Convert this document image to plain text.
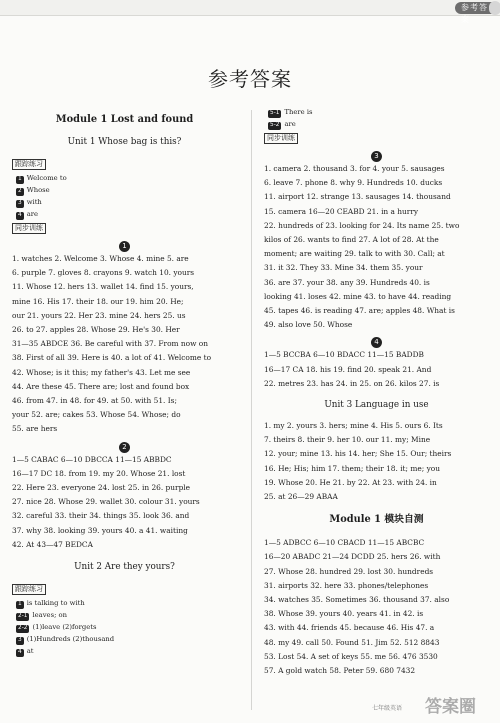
参考答案
参考答案
Module 1 Lost and found
Unit 1 Whose bag is this?
跟踪练习
1 Welcome to
2 Whose
3 with
4 are
同步训练
1
1. watches 2. Welcome 3. Whose 4. mine 5. are
6. purple 7. gloves 8. crayons 9. watch 10. yours
11. Whose 12. hers 13. wallet 14. find 15. yours,
mine 16. His 17. their 18. our 19. him 20. He;
our 21. yours 22. Her 23. mine 24. hers 25. us
26. to 27. apples 28. Whose 29. He's 30. Her
31—35 ABDCE 36. Be careful with 37. From now on
38. First of all 39. Here is 40. a lot of 41. Welcome to
42. Whose; is it this; my father's 43. Let me see
44. Are these 45. There are; lost and found box
46. from 47. in 48. for 49. at 50. with 51. Is;
your 52. are; cakes 53. Whose 54. Whose; do
55. are hers
2
1—5 CABAC 6—10 DBCCA 11—15 ABBDC
16—17 DC 18. from 19. my 20. Whose 21. lost
22. Here 23. everyone 24. lost 25. in 26. purple
27. nice 28. Whose 29. wallet 30. colour 31. yours
32. careful 33. their 34. things 35. look 36. and
37. why 38. looking 39. yours 40. a 41. waiting
42. At 43—47 BEDCA
Unit 2 Are they yours?
跟踪练习
1 is talking to with
2-1 leaves; on
2-2 (1)leave (2)forgets
3 (1)Hundreds (2)thousand
4 at
5-1 There is
5-2 are
同步训练
3
1. camera 2. thousand 3. for 4. your 5. sausages
6. leave 7. phone 8. why 9. Hundreds 10. ducks
11. airport 12. strange 13. sausages 14. thousand
15. camera 16—20 CEABD 21. in a hurry
22. hundreds of 23. looking for 24. Its name 25. two
kilos of 26. wants to find 27. A lot of 28. At the
moment; are waiting 29. talk to with 30. Call; at
31. it 32. They 33. Mine 34. them 35. your
36. are 37. your 38. any 39. Hundreds 40. is
looking 41. loses 42. mine 43. to have 44. reading
45. tapes 46. is reading 47. are; apples 48. What is
49. also love 50. Whose
4
1—5 BCCBA 6—10 BDACC 11—15 BADDB
16—17 CA 18. his 19. find 20. speak 21. And
22. metres 23. has 24. in 25. on 26. kilos 27. is
Unit 3 Language in use
1. my 2. yours 3. hers; mine 4. His 5. ours 6. Its
7. theirs 8. their 9. her 10. our 11. my; Mine
12. your; mine 13. his 14. her; She 15. Our; theirs
16. He; His; him 17. them; their 18. it; me; you
19. Whose 20. He 21. by 22. At 23. with 24. in
25. at 26—29 ABAA
Module 1 模块自测
1—5 ADBCC 6—10 CBACD 11—15 ABCBC
16—20 ABADC 21—24 DCDD 25. hers 26. with
27. Whose 28. hundred 29. lost 30. hundreds
31. airports 32. here 33. phones/telephones
34. watches 35. Sometimes 36. thousand 37. also
38. Whose 39. yours 40. years 41. in 42. is
43. with 44. friends 45. because 46. His 47. a
48. my 49. call 50. Found 51. Jim 52. 512 8843
53. Lost 54. A set of keys 55. me 56. 476 3530
57. A gold watch 58. Peter 59. 680 7432
七年级英语 答案圈
